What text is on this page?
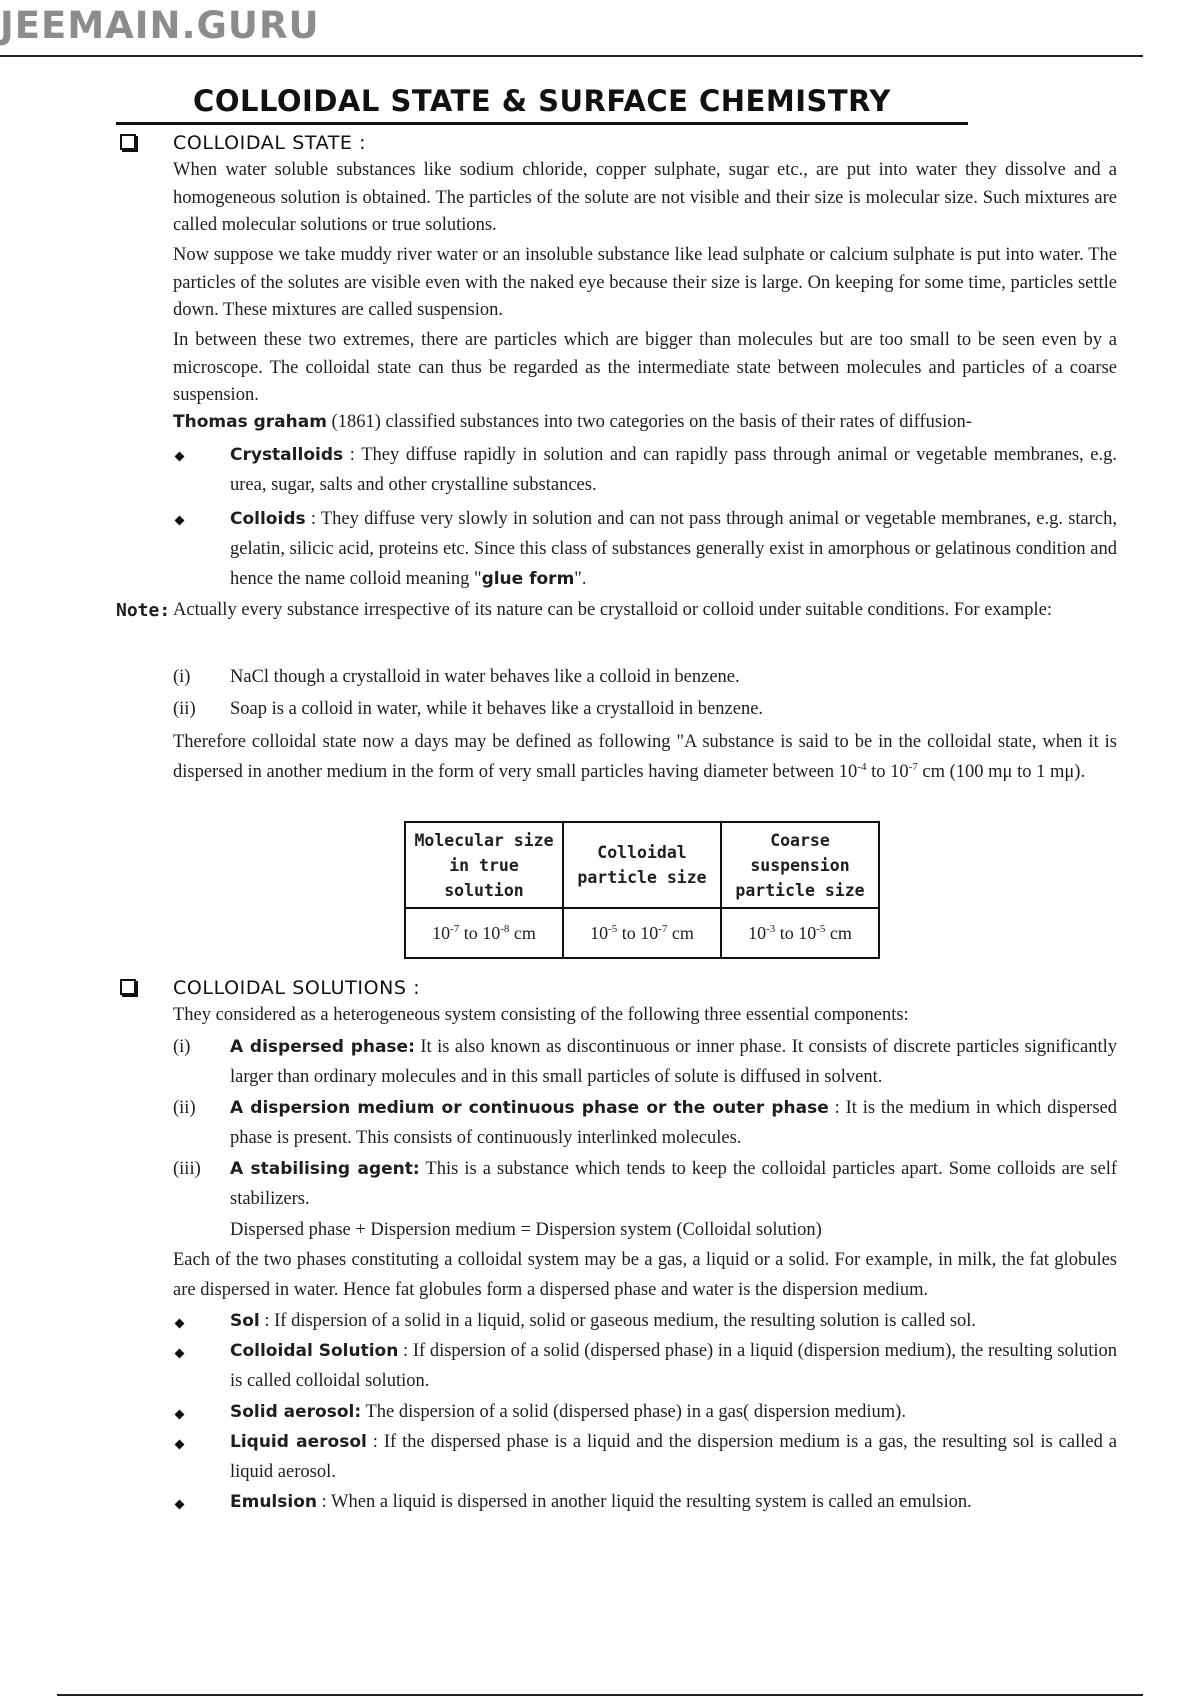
JEEMAIN.GURU
COLLOIDAL STATE & SURFACE CHEMISTRY
COLLOIDAL STATE :

When water soluble substances like sodium chloride, copper sulphate, sugar etc., are put into water they dissolve and a homogeneous solution is obtained. The particles of the solute are not visible and their size is molecular size. Such mixtures are called molecular solutions or true solutions.

Now suppose we take muddy river water or an insoluble substance like lead sulphate or calcium sulphate is put into water. The particles of the solutes are visible even with the naked eye because their size is large. On keeping for some time, particles settle down. These mixtures are called suspension.

In between these two extremes, there are particles which are bigger than molecules but are too small to be seen even by a microscope. The colloidal state can thus be regarded as the intermediate state between molecules and particles of a coarse suspension.

Thomas graham (1861) classified substances into two categories on the basis of their rates of diffusion-

Crystalloids : They diffuse rapidly in solution and can rapidly pass through animal or vegetable membranes, e.g. urea, sugar, salts and other crystalline substances.

Colloids : They diffuse very slowly in solution and can not pass through animal or vegetable membranes, e.g. starch, gelatin, silicic acid, proteins etc. Since this class of substances generally exist in amorphous or gelatinous condition and hence the name colloid meaning "glue form".

Note: Actually every substance irrespective of its nature can be crystalloid or colloid under suitable conditions. For example:

(i) NaCl though a crystalloid in water behaves like a colloid in benzene.

(ii) Soap is a colloid in water, while it behaves like a crystalloid in benzene.

Therefore colloidal state now a days may be defined as following "A substance is said to be in the colloidal state, when it is dispersed in another medium in the form of very small particles having diameter between $10^{-4}$ to $10^{-7}$ cm (100 mμ to 1 mμ).

Molecular size in true solution	Colloidal particle size	Coarse suspension particle size
$10^{-7}$ to $10^{-8}$ cm	$10^{-5}$ to $10^{-7}$ cm	$10^{-3}$ to $10^{-5}$ cm
COLLOIDAL SOLUTIONS :

They considered as a heterogeneous system consisting of the following three essential components:

(i) A dispersed phase: It is also known as discontinuous or inner phase. It consists of discrete particles significantly larger than ordinary molecules and in this small particles of solute is diffused in solvent.

(ii) A dispersion medium or continuous phase or the outer phase : It is the medium in which dispersed phase is present. This consists of continuously interlinked molecules.

(iii) A stabilising agent: This is a substance which tends to keep the colloidal particles apart. Some colloids are self stabilizers.

Dispersed phase + Dispersion medium = Dispersion system (Colloidal solution)

Each of the two phases constituting a colloidal system may be a gas, a liquid or a solid. For example, in milk, the fat globules are dispersed in water. Hence fat globules form a dispersed phase and water is the dispersion medium.

Sol : If dispersion of a solid in a liquid, solid or gaseous medium, the resulting solution is called sol.

Colloidal Solution : If dispersion of a solid (dispersed phase) in a liquid (dispersion medium), the resulting solution is called colloidal solution.

Solid aerosol: The dispersion of a solid (dispersed phase) in a gas( dispersion medium).

Liquid aerosol : If the dispersed phase is a liquid and the dispersion medium is a gas, the resulting sol is called a liquid aerosol.

Emulsion : When a liquid is dispersed in another liquid the resulting system is called an emulsion.
